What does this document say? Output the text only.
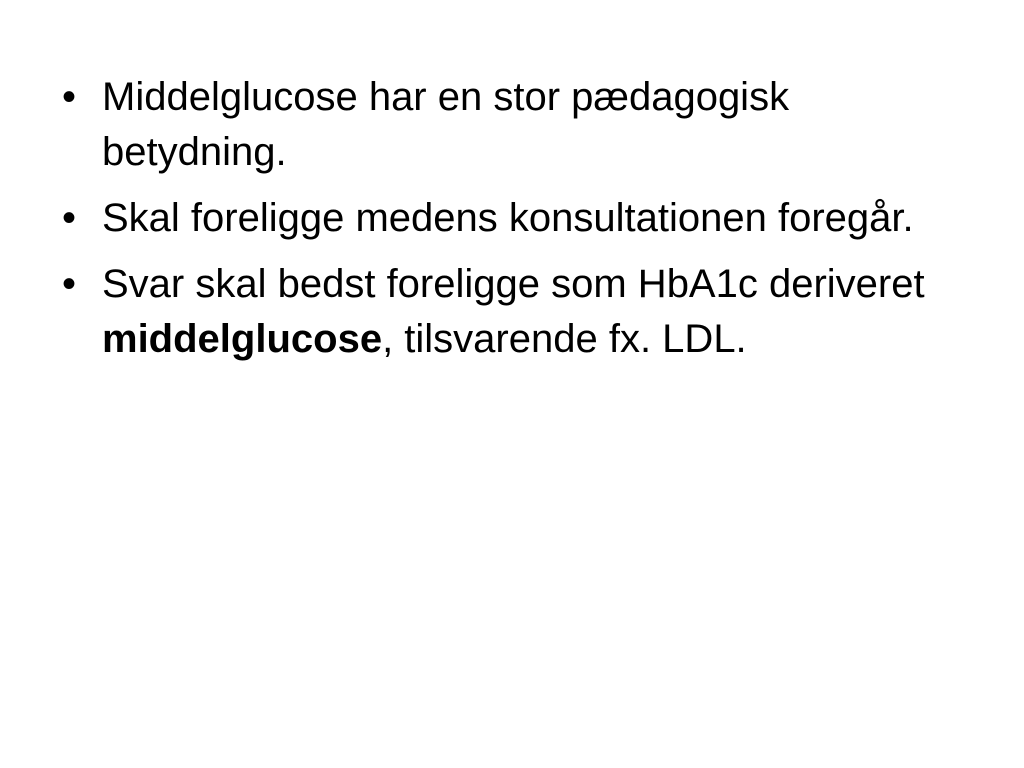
• Middelglucose har en stor pædagogisk betydning.
• Skal foreligge medens konsultationen foregår.
• Svar skal bedst foreligge som HbA1c deriveret middelglucose, tilsvarende fx. LDL.
